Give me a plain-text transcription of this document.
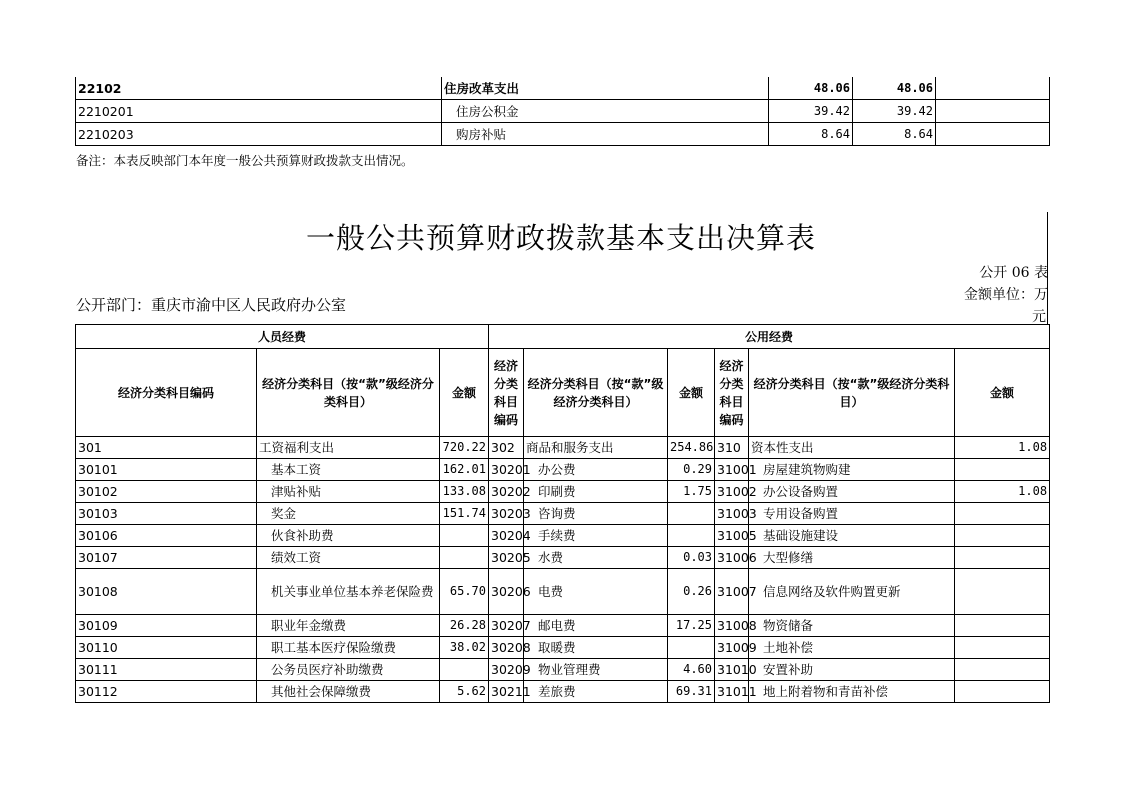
22102	住房改革支出	48.06	48.06	
2210201	住房公积金	39.42	39.42	
2210203	购房补贴	8.64	8.64	
备注：本表反映部门本年度一般公共预算财政拨款支出情况。
一般公共预算财政拨款基本支出决算表
公开 06 表
金额单位：万
元
公开部门：重庆市渝中区人民政府办公室
人员经费			公用经费					
经济分类科目编码	经济分类科目（按“款”级经济分类科目）	金额	经济分类科目编码	经济分类科目（按“款”级经济分类科目）	金额	经济分类科目编码	经济分类科目（按“款”级经济分类科目）	金额
301	工资福利支出	720.22	302	商品和服务支出	254.86	310	资本性支出	1.08
30101	基本工资	162.01	30201	办公费	0.29	31001	房屋建筑物购建	
30102	津贴补贴	133.08	30202	印刷费	1.75	31002	办公设备购置	1.08
30103	奖金	151.74	30203	咨询费		31003	专用设备购置	
30106	伙食补助费		30204	手续费		31005	基础设施建设	
30107	绩效工资		30205	水费	0.03	31006	大型修缮	
30108	机关事业单位基本养老保险费	65.70	30206	电费	0.26	31007	信息网络及软件购置更新	
30109	职业年金缴费	26.28	30207	邮电费	17.25	31008	物资储备	
30110	职工基本医疗保险缴费	38.02	30208	取暖费		31009	土地补偿	
30111	公务员医疗补助缴费		30209	物业管理费	4.60	31010	安置补助	
30112	其他社会保障缴费	5.62	30211	差旅费	69.31	31011	地上附着物和青苗补偿	
